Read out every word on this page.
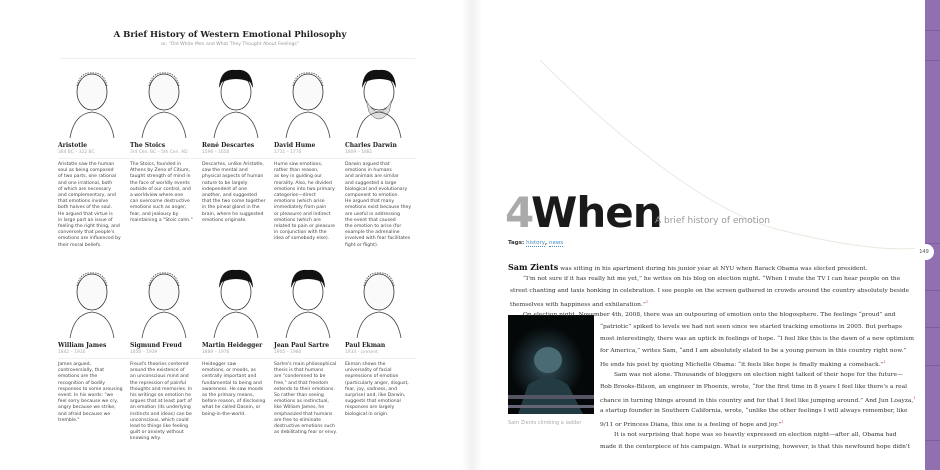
A Brief History of Western Emotional Philosophy
or, "Old White Men and What They Thought About Feelings"
Aristotle
384 BC – 322 BC
Aristotle saw the human
soul as being composed
of two parts, one rational
and one irrational, both
of which are necessary
and complementary, and
that emotions involve
both halves of the soul.
He argued that virtue is
in large part an issue of
feeling the right thing, and
conversely that people's
emotions are influenced by
their moral beliefs.
The Stoics
3rd Cen. BC – 5th Cen. AD
The Stoics, founded in
Athens by Zeno of Citium,
taught strength of mind in
the face of worldly events
outside of our control, and
a worldview where one
can overcome destructive
emotions such as anger,
fear, and jealousy by
maintaining a "Stoic calm."
René Descartes
1596 – 1650
Descartes, unlike Aristotle,
saw the mental and
physical aspects of human
nature to be largely
independent of one
another, and suggested
that the two come together
in the pineal gland in the
brain, where he suggested
emotions originate.
David Hume
1711 – 1776
Hume saw emotions,
rather than reason,
as key in guiding our
morality. Also, he divided
emotions into two primary
categories—direct
emotions (which arise
immediately from pain
or pleasure) and indirect
emotions (which are
related to pain or pleasure
in conjunction with the
idea of somebody else).
Charles Darwin
1809 – 1881
Darwin argued that
emotions in humans
and animals are similar
and suggested a large
biological and evolutionary
component to emotion.
He argued that many
emotions exist because they
are useful in addressing
the event that caused
the emotion to arise (for
example the adrenaline
involved with fear facilitates
fight or flight).
William James
1842 – 1910
James argued,
controversially, that
emotions are the
recognition of bodily
responses to some arousing
event. In his words: "we
feel sorry because we cry,
angry because we strike,
and afraid because we
tremble."
Sigmund Freud
1856 – 1939
Freud's theories centered
around the existence of
an unconscious mind and
the repression of painful
thoughts and memories. In
his writings on emotion he
argues that at least part of
an emotion (its underlying
instincts and ideas) can be
unconscious, which could
lead to things like feeling
guilt or anxiety without
knowing why.
Martin Heidegger
1889 – 1976
Heidegger saw
emotions, or moods, as
centrally important and
fundamental to being and
awareness. He saw moods
as the primary means,
before reason, of disclosing
what he called Dasein, or
being-in-the-world.
Jean Paul Sartre
1905 – 1980
Sartre's main philosophical
thesis is that humans
are "condemned to be
free," and that freedom
extends to their emotions.
So rather than seeing
emotions as instinctual,
like William James, he
emphasized that humans
are free to eliminate
destructive emotions such
as debilitating fear or envy.
Paul Ekman
1934 – present
Ekman shows the
universality of facial
expressions of emotion
(particularly anger, disgust,
fear, joy, sadness, and
surprise) and, like Darwin,
suggests that emotional
responses are largely
biological in origin.
4
When
A brief history of emotion
Tags: history, news
Sam Zients climbing a ladder
Sam Zients was sitting in his apartment during his junior year at NYU when Barack Obama was elected president.
“I'm not sure if it has really hit me yet,” he writes on his blog on election night. “When I mute the TV I can hear people on the
street chanting and taxis honking in celebration. I see people on the screen gathered in crowds around the country absolutely beside
themselves with happiness and exhilaration.”$^1$
On election night, November 4th, 2008, there was an outpouring of emotion onto the blogosphere. The feelings “proud” and
“patriotic” spiked to levels we had not seen since we started tracking emotions in 2005. But perhaps
most interestingly, there was an uptick in feelings of hope. “I feel like this is the dawn of a new optimism
for America,” writes Sam, “and I am absolutely elated to be a young person in this country right now.”
He ends his post by quoting Michelle Obama: “it feels like hope is finally making a comeback.”$^1$
Sam was not alone. Thousands of bloggers on election night talked of their hope for the future—
Rob Brooks-Bilson, an engineer in Phoenix, wrote, “for the first time in 8 years I feel like there's a real
chance in turning things around in this country and for that I feel like jumping around.” And Jun Loayza,$^1$
a startup founder in Southern California, wrote, “unlike the other feelings I will always remember, like
9/11 or Princess Diana, this one is a feeling of hope and joy.”$^1$
It is not surprising that hope was so heavily expressed on election night—after all, Obama had
made it the centerpiece of his campaign. What is surprising, however, is that this newfound hope didn't
149
